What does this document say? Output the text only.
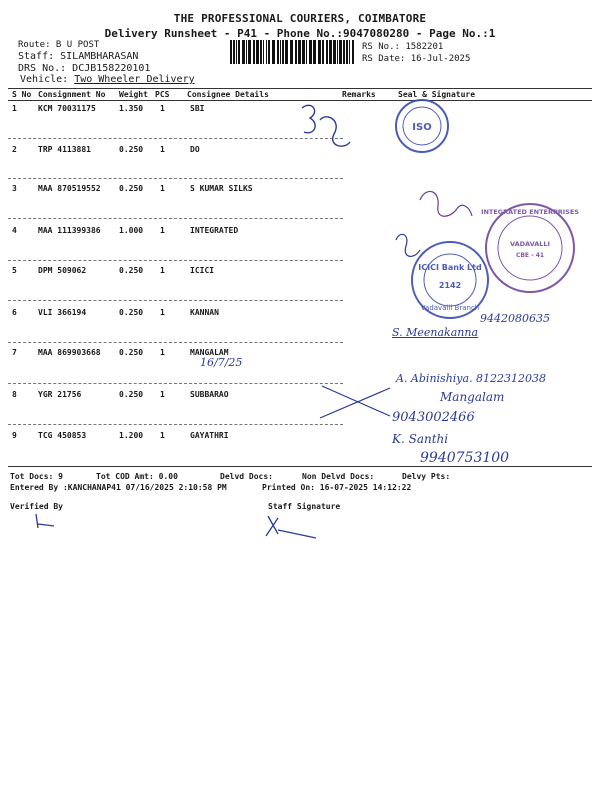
THE PROFESSIONAL COURIERS, COIMBATORE
Delivery Runsheet - P41 - Phone No.:9047080280 - Page No.:1
Route: B U POST
Staff: SILAMBHARASAN
DRS No.: DCJB158220101
Vehicle: Two Wheeler Delivery
RS No.: 1582201
RS Date: 16-Jul-2025
S No Consignment No Weight PCS Consignee Details	Remarks	Seal & Signature
1	KCM 70031175	1.350 1	SBI
2	TRP 4113881	0.250 1	DO
3	MAA 870519552 0.250 1	S KUMAR SILKS
4	MAA 111399386 1.000 1	INTEGRATED
5	DPM 509062	0.250 1	ICICI
6	VLI 366194	0.250 1	KANNAN
7	MAA 869903668 0.250 1	MANGALAM
8	YGR 21756	0.250 1	SUBBARAO
9	TCG 450853	1.200 1	GAYATHRI
ISO
INTEGRATED ENTERPRISES
VADAVALLI
CBE - 41
ICICI Bank Ltd
2142
Vadavalli Branch
9442080635
S. Meenakanna
16/7/25
A. Abinishiya. 8122312038
Mangalam
9043002466
K. Santhi
9940753100
Tot Docs: 9	Tot COD Amt: 0.00	Delvd Docs:	Non Delvd Docs:	Delvy Pts:
Entered By :KANCHANAP41 07/16/2025 2:10:58 PM	Printed On: 16-07-2025 14:12:22
Verified By	Staff Signature
